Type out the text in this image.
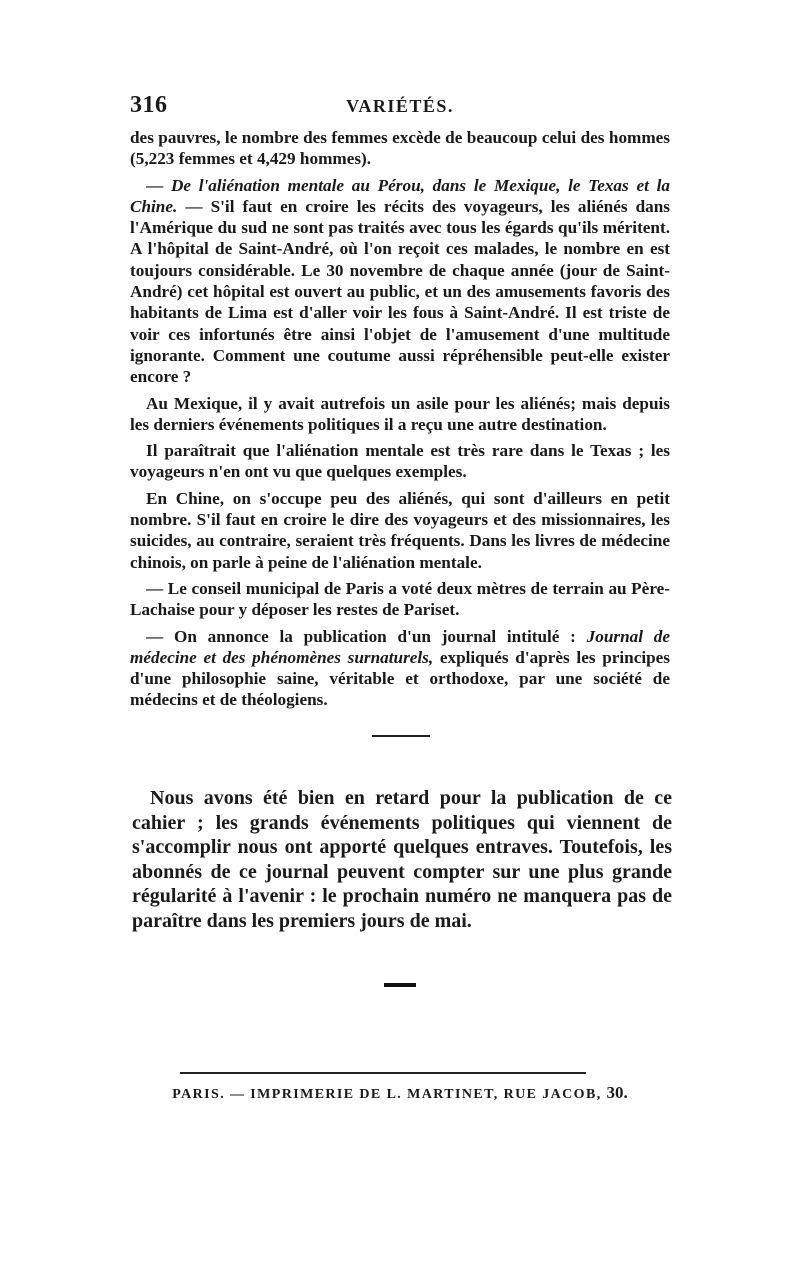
316	VARIÉTÉS.

des pauvres, le nombre des femmes excède de beaucoup celui des hommes (5,223 femmes et 4,429 hommes).

— De l'aliénation mentale au Pérou, dans le Mexique, le Texas et la Chine. — S'il faut en croire les récits des voyageurs, les aliénés dans l'Amérique du sud ne sont pas traités avec tous les égards qu'ils méritent. A l'hôpital de Saint-André, où l'on reçoit ces malades, le nombre en est toujours considérable. Le 30 novembre de chaque année (jour de Saint-André) cet hôpital est ouvert au public, et un des amusements favoris des habitants de Lima est d'aller voir les fous à Saint-André. Il est triste de voir ces infortunés être ainsi l'objet de l'amusement d'une multitude ignorante. Comment une coutume aussi répréhensible peut-elle exister encore ?

Au Mexique, il y avait autrefois un asile pour les aliénés; mais depuis les derniers événements politiques il a reçu une autre destination.

Il paraîtrait que l'aliénation mentale est très rare dans le Texas ; les voyageurs n'en ont vu que quelques exemples.

En Chine, on s'occupe peu des aliénés, qui sont d'ailleurs en petit nombre. S'il faut en croire le dire des voyageurs et des missionnaires, les suicides, au contraire, seraient très fréquents. Dans les livres de médecine chinois, on parle à peine de l'aliénation mentale.

— Le conseil municipal de Paris a voté deux mètres de terrain au Père-Lachaise pour y déposer les restes de Pariset.

— On annonce la publication d'un journal intitulé : Journal de médecine et des phénomènes surnaturels, expliqués d'après les principes d'une philosophie saine, véritable et orthodoxe, par une société de médecins et de théologiens.

Nous avons été bien en retard pour la publication de ce cahier ; les grands événements politiques qui viennent de s'accomplir nous ont apporté quelques entraves. Toutefois, les abonnés de ce journal peuvent compter sur une plus grande régularité à l'avenir : le prochain numéro ne manquera pas de paraître dans les premiers jours de mai.

PARIS. — IMPRIMERIE DE L. MARTINET, RUE JACOB, 30.
